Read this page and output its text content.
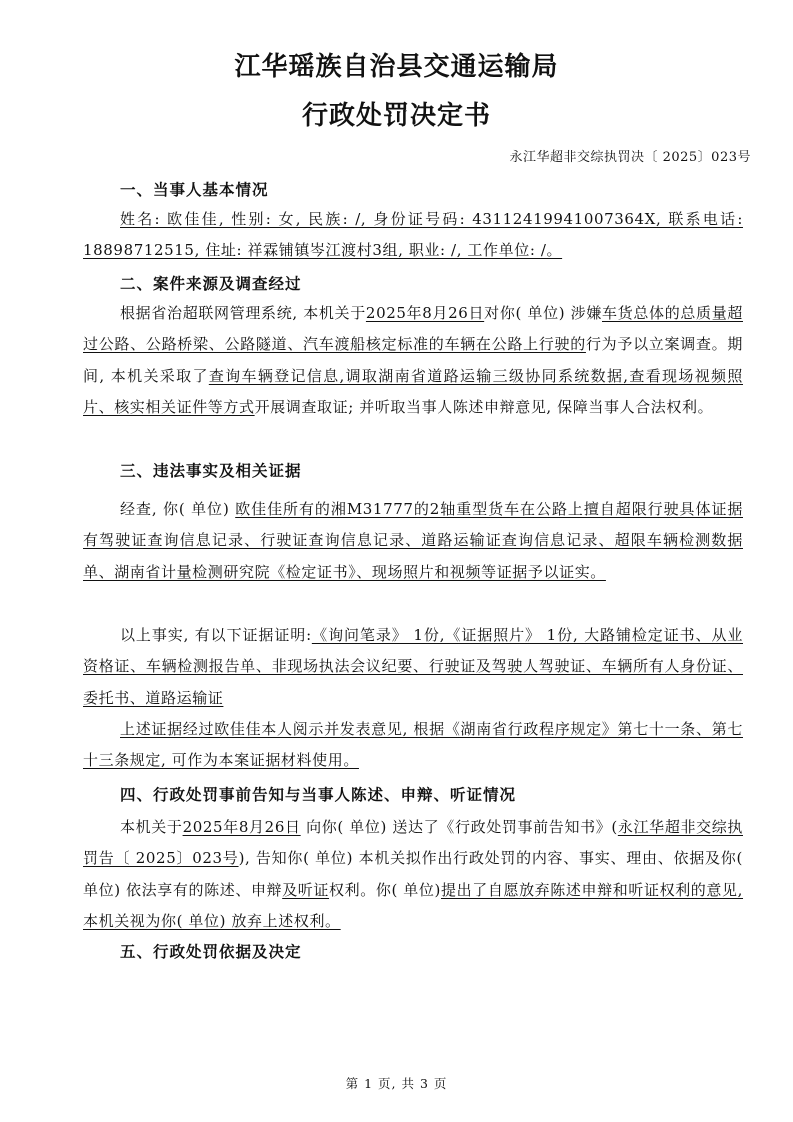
江华瑶族自治县交通运输局
行政处罚决定书
永江华超非交综执罚决〔 2025〕023号
一、当事人基本情况
姓名: 欧佳佳, 性别: 女, 民族: /, 身份证号码: 43112419941007364X, 联系电话: 18898712515, 住址: 祥霖铺镇岑江渡村3组, 职业: /, 工作单位: /。
二、案件来源及调查经过
根据省治超联网管理系统, 本机关于2025年8月26日对你( 单位) 涉嫌车货总体的总质量超过公路、公路桥梁、公路隧道、汽车渡船核定标准的车辆在公路上行驶的行为予以立案调查。期间, 本机关采取了查询车辆登记信息,调取湖南省道路运输三级协同系统数据,查看现场视频照片、核实相关证件等方式开展调查取证; 并听取当事人陈述申辩意见, 保障当事人合法权利。
三、违法事实及相关证据
经查, 你( 单位) 欧佳佳所有的湘M31777的2轴重型货车在公路上擅自超限行驶具体证据有驾驶证查询信息记录、行驶证查询信息记录、道路运输证查询信息记录、超限车辆检测数据单、湖南省计量检测研究院《检定证书》、现场照片和视频等证据予以证实。
以上事实, 有以下证据证明:《询问笔录》 1份,《证据照片》 1份, 大路铺检定证书、从业资格证、车辆检测报告单、非现场执法会议纪要、行驶证及驾驶人驾驶证、车辆所有人身份证、委托书、道路运输证
上述证据经过欧佳佳本人阅示并发表意见, 根据《湖南省行政程序规定》第七十一条、第七十三条规定, 可作为本案证据材料使用。
四、行政处罚事前告知与当事人陈述、申辩、听证情况
本机关于2025年8月26日 向你( 单位) 送达了《行政处罚事前告知书》(永江华超非交综执罚告〔 2025〕023号), 告知你( 单位) 本机关拟作出行政处罚的内容、事实、理由、依据及你( 单位) 依法享有的陈述、申辩及听证权利。你( 单位)提出了自愿放弃陈述申辩和听证权利的意见, 本机关视为你( 单位) 放弃上述权利。
五、行政处罚依据及决定
第 1 页, 共 3 页
